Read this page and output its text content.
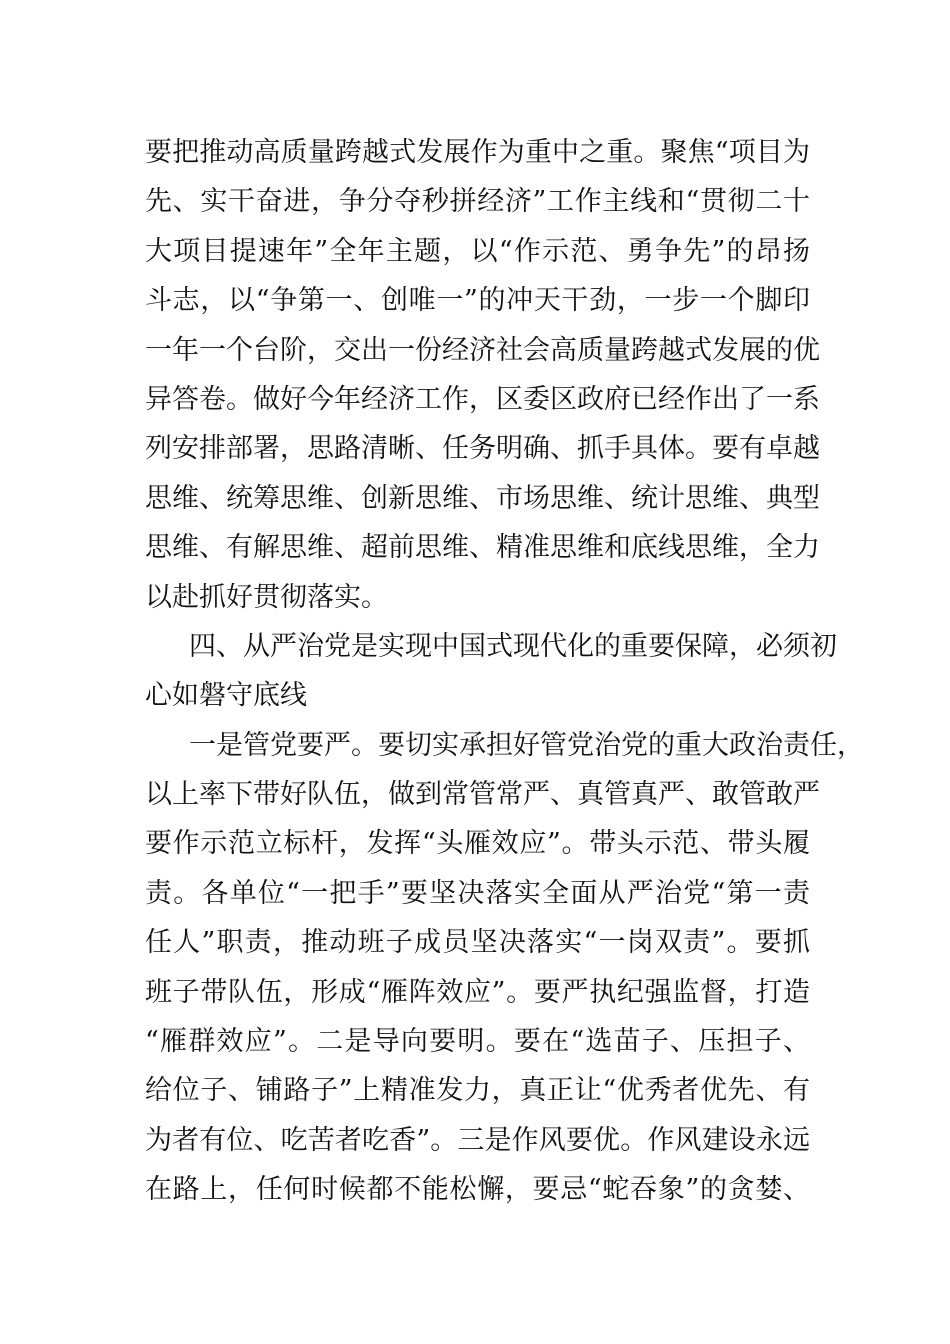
要把推动高质量跨越式发展作为重中之重。聚焦“项目为
先、实干奋进，争分夺秒拼经济”工作主线和“贯彻二十
大项目提速年”全年主题，以“作示范、勇争先”的昂扬
斗志，以“争第一、创唯一”的冲天干劲，一步一个脚印
一年一个台阶，交出一份经济社会高质量跨越式发展的优
异答卷。做好今年经济工作，区委区政府已经作出了一系
列安排部署，思路清晰、任务明确、抓手具体。要有卓越
思维、统筹思维、创新思维、市场思维、统计思维、典型
思维、有解思维、超前思维、精准思维和底线思维，全力
以赴抓好贯彻落实。
四、从严治党是实现中国式现代化的重要保障，必须初
心如磐守底线
一是管党要严。要切实承担好管党治党的重大政治责任，
以上率下带好队伍，做到常管常严、真管真严、敢管敢严
要作示范立标杆，发挥“头雁效应”。带头示范、带头履
责。各单位“一把手”要坚决落实全面从严治党“第一责
任人”职责，推动班子成员坚决落实“一岗双责”。要抓
班子带队伍，形成“雁阵效应”。要严执纪强监督，打造
“雁群效应”。二是导向要明。要在“选苗子、压担子、
给位子、铺路子”上精准发力，真正让“优秀者优先、有
为者有位、吃苦者吃香”。三是作风要优。作风建设永远
在路上，任何时候都不能松懈，要忌“蛇吞象”的贪婪、
